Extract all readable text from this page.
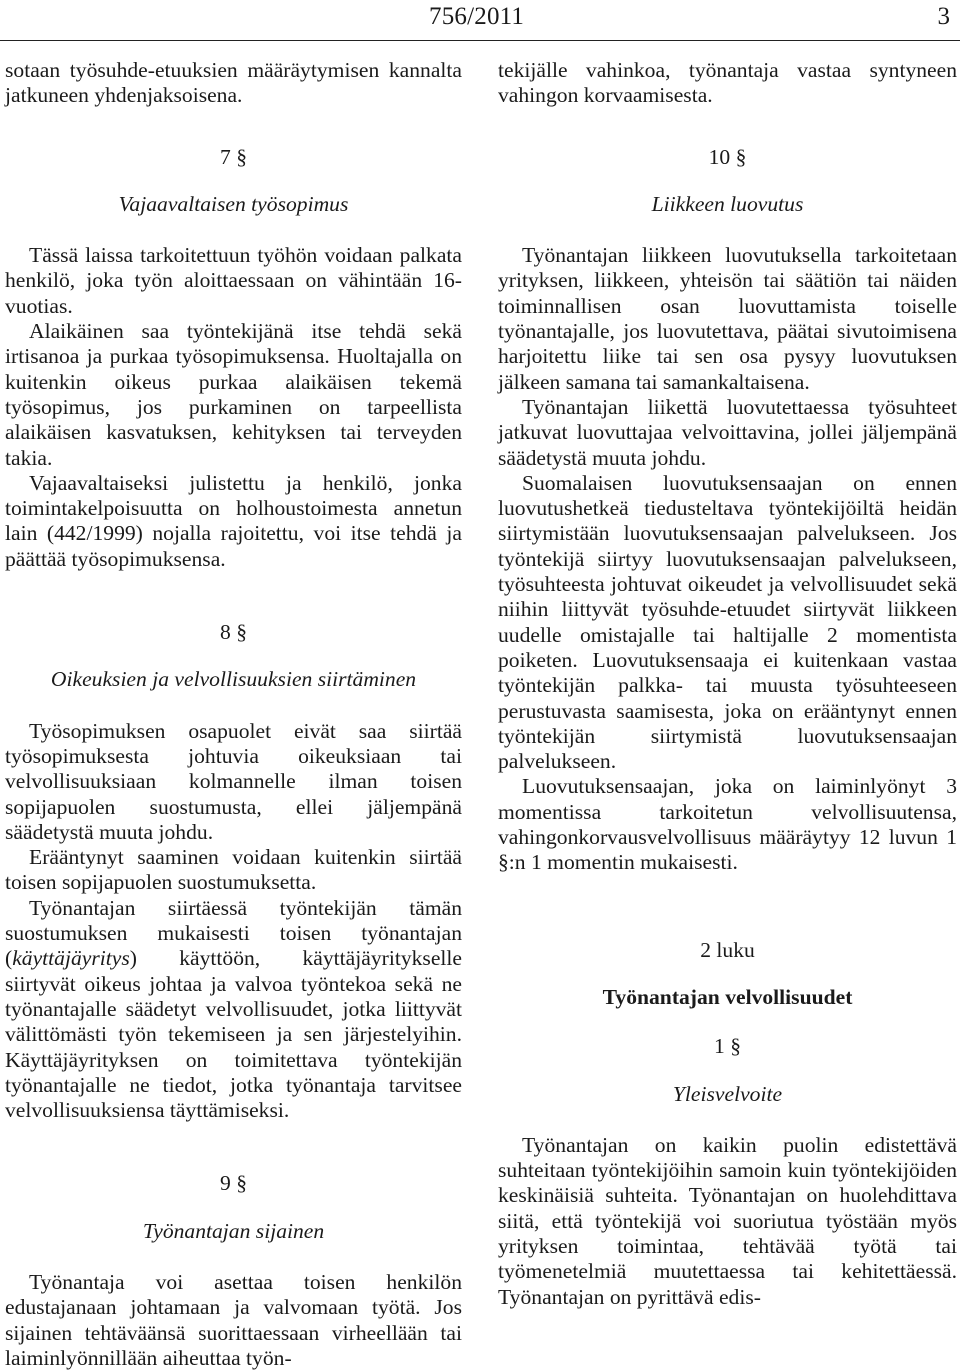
756/2011	3

sotaan työsuhde-etuuksien määräytymisen kannalta jatkuneen yhdenjaksoisena.

7 §
Vajaavaltaisen työsopimus

Tässä laissa tarkoitettuun työhön voidaan palkata henkilö, joka työn aloittaessaan on vähintään 16-vuotias.

Alaikäinen saa työntekijänä itse tehdä sekä irtisanoa ja purkaa työsopimuksensa. Huoltajalla on kuitenkin oikeus purkaa alaikäisen tekemä työsopimus, jos purkaminen on tarpeellista alaikäisen kasvatuksen, kehityksen tai terveyden takia.

Vajaavaltaiseksi julistettu ja henkilö, jonka toimintakelpoisuutta on holhoustoimesta annetun lain (442/1999) nojalla rajoitettu, voi itse tehdä ja päättää työsopimuksensa.

8 §
Oikeuksien ja velvollisuuksien siirtäminen

Työsopimuksen osapuolet eivät saa siirtää työsopimuksesta johtuvia oikeuksiaan tai velvollisuuksiaan kolmannelle ilman toisen sopijapuolen suostumusta, ellei jäljempänä säädetystä muuta johdu.

Erääntynyt saaminen voidaan kuitenkin siirtää toisen sopijapuolen suostumuksetta.

Työnantajan siirtäessä työntekijän tämän suostumuksen mukaisesti toisen työnantajan (käyttäjäyritys) käyttöön, käyttäjäyritykselle siirtyvät oikeus johtaa ja valvoa työntekoa sekä ne työnantajalle säädetyt velvollisuudet, jotka liittyvät välittömästi työn tekemiseen ja sen järjestelyihin. Käyttäjäyrityksen on toimitettava työntekijän työnantajalle ne tiedot, jotka työnantaja tarvitsee velvollisuuksiensa täyttämiseksi.

9 §
Työnantajan sijainen

Työnantaja voi asettaa toisen henkilön edustajanaan johtamaan ja valvomaan työtä. Jos sijainen tehtäväänsä suorittaessaan virheellään tai laiminlyönnillään aiheuttaa työn-

tekijälle vahinkoa, työnantaja vastaa syntyneen vahingon korvaamisesta.

10 §
Liikkeen luovutus

Työnantajan liikkeen luovutuksella tarkoitetaan yrityksen, liikkeen, yhteisön tai säätiön tai näiden toiminnallisen osan luovuttamista toiselle työnantajalle, jos luovutettava, päätai sivutoimisena harjoitettu liike tai sen osa pysyy luovutuksen jälkeen samana tai samankaltaisena.

Työnantajan liikettä luovutettaessa työsuhteet jatkuvat luovuttajaa velvoittavina, jollei jäljempänä säädetystä muuta johdu.

Suomalaisen luovutuksensaajan on ennen luovutushetkeä tiedusteltava työntekijöiltä heidän siirtymistään luovutuksensaajan palvelukseen. Jos työntekijä siirtyy luovutuksensaajan palvelukseen, työsuhteesta johtuvat oikeudet ja velvollisuudet sekä niihin liittyvät työsuhde-etuudet siirtyvät liikkeen uudelle omistajalle tai haltijalle 2 momentista poiketen. Luovutuksensaaja ei kuitenkaan vastaa työntekijän palkka- tai muusta työsuhteeseen perustuvasta saamisesta, joka on erääntynyt ennen työntekijän siirtymistä luovutuksensaajan palvelukseen.

Luovutuksensaajan, joka on laiminlyönyt 3 momentissa tarkoitetun velvollisuutensa, vahingonkorvausvelvollisuus määräytyy 12 luvun 1 §:n 1 momentin mukaisesti.

2 luku
Työnantajan velvollisuudet
1 §
Yleisvelvoite

Työnantajan on kaikin puolin edistettävä suhteitaan työntekijöihin samoin kuin työntekijöiden keskinäisiä suhteita. Työnantajan on huolehdittava siitä, että työntekijä voi suoriutua työstään myös yrityksen toimintaa, tehtävää työtä tai työmenetelmiä muutettaessa tai kehitettäessä. Työnantajan on pyrittävä edis-
